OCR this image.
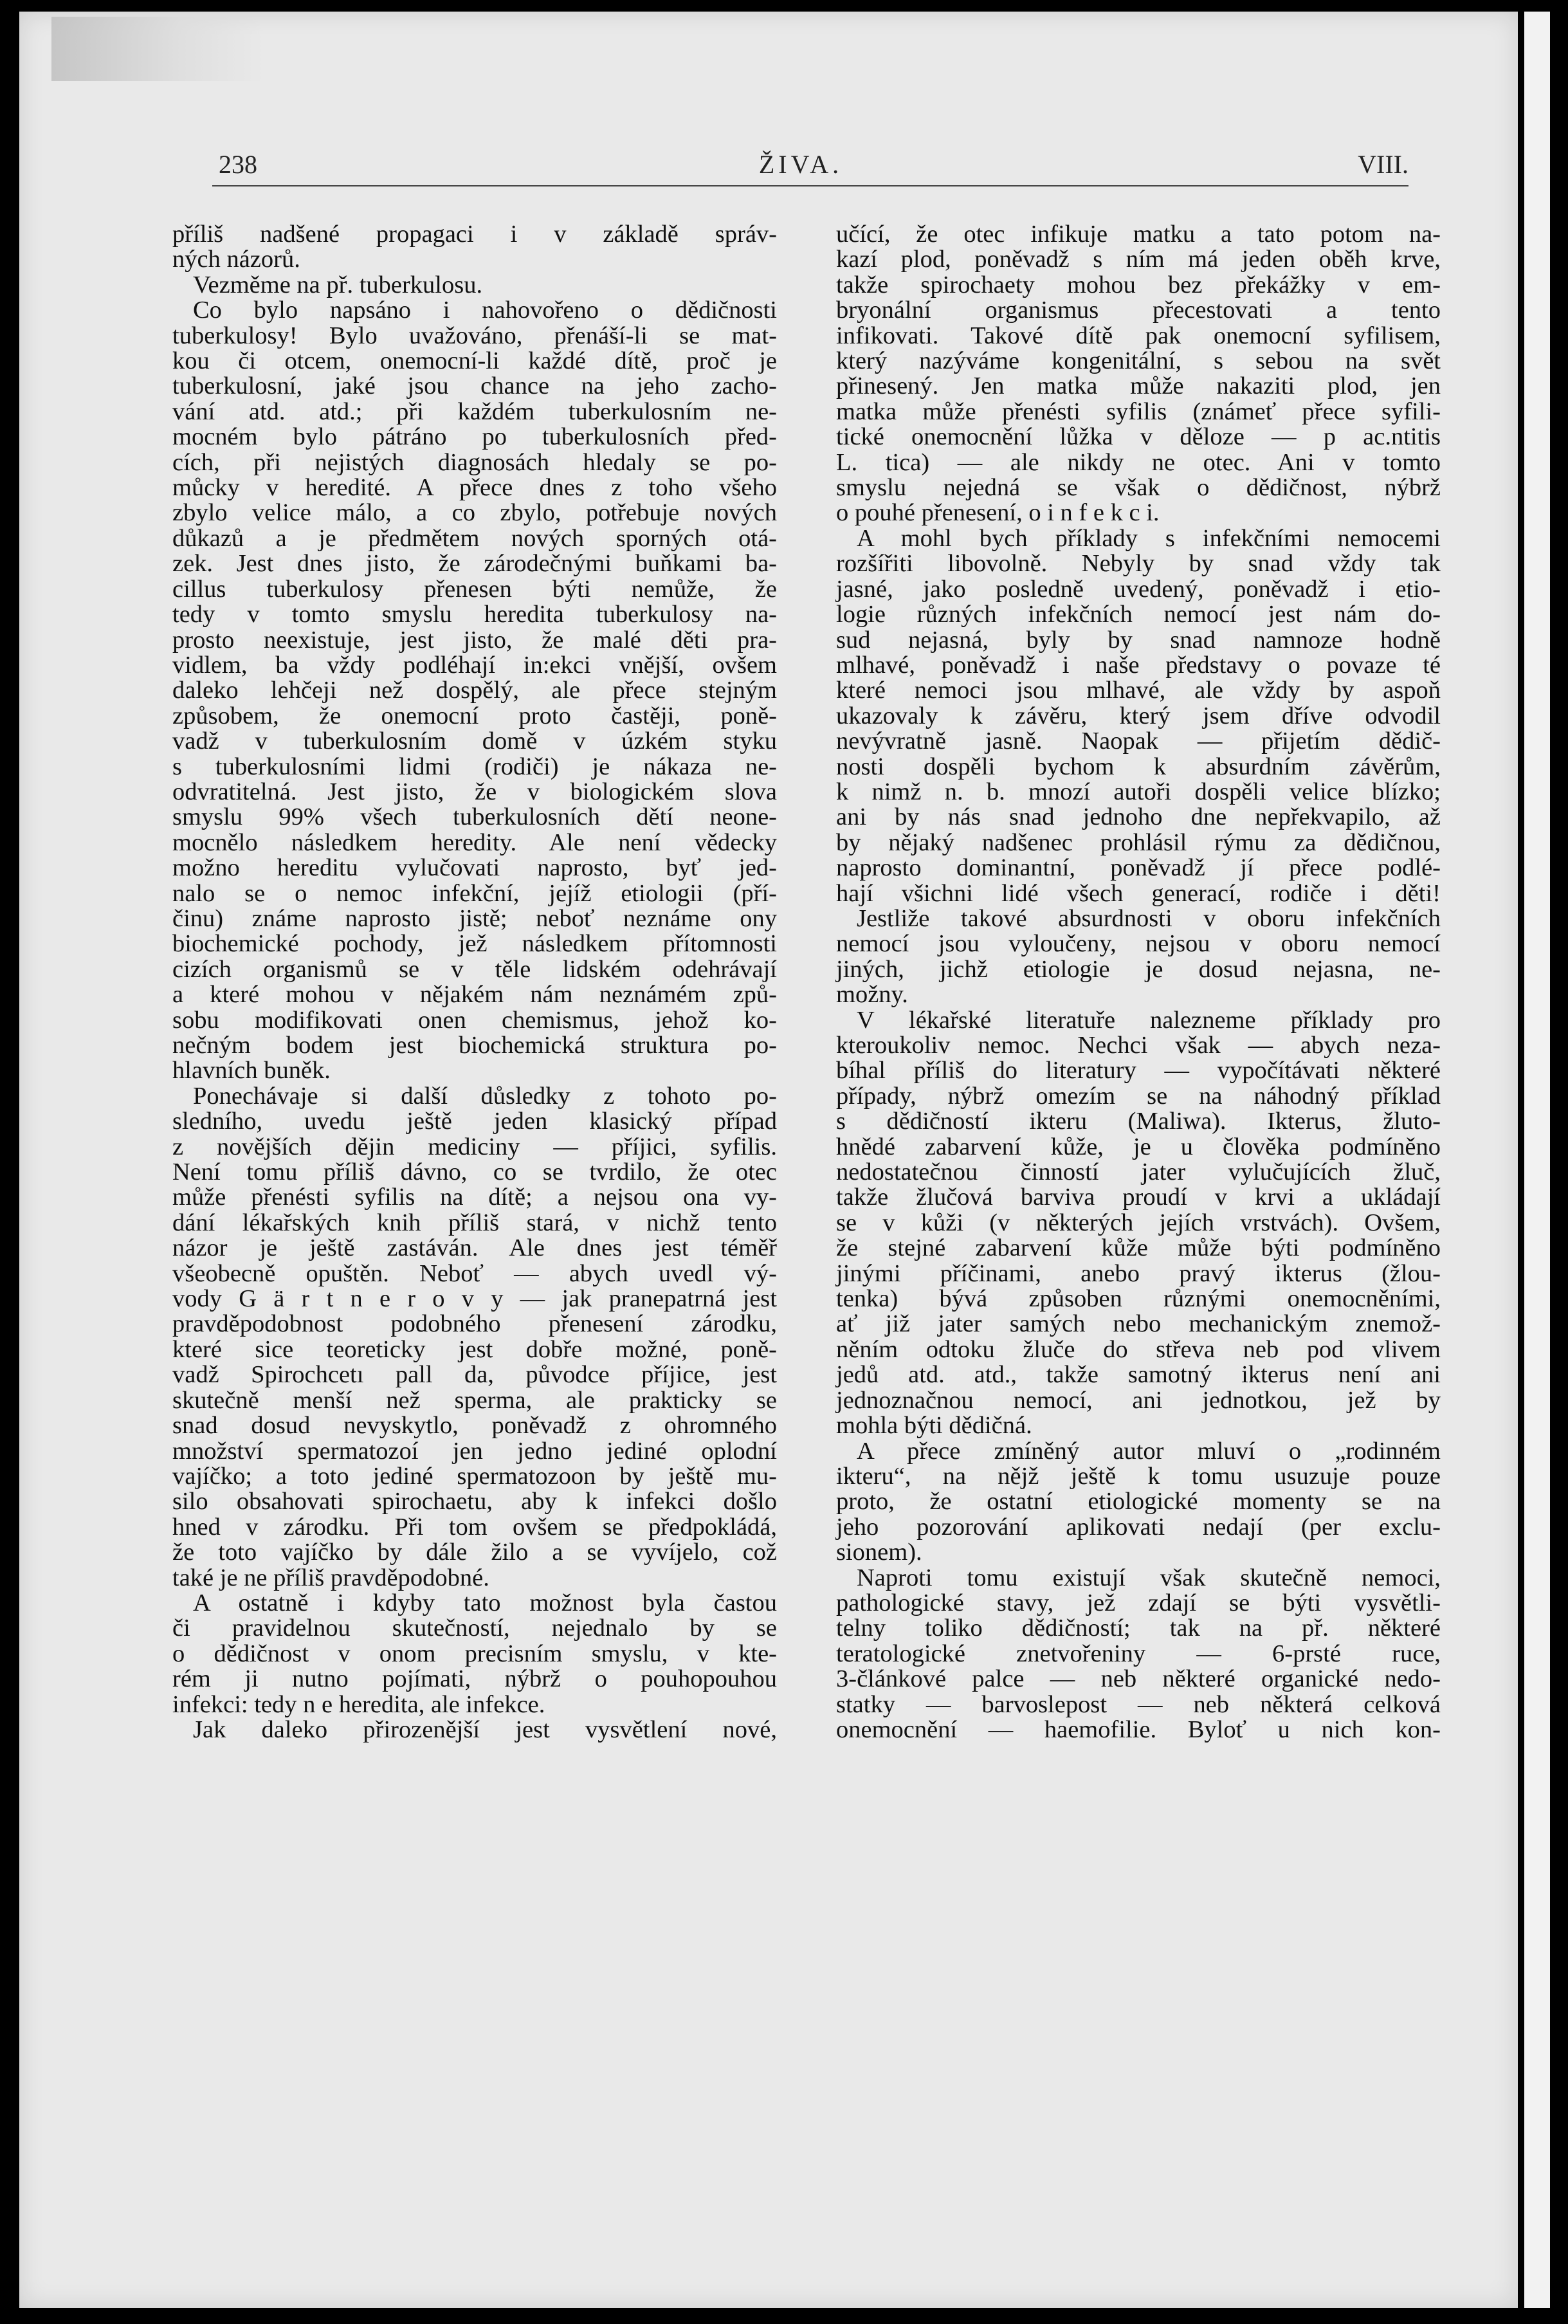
238	ŽIVA.	VIII.
příliš nadšené propagaci i v základě správ-
ných názorů.
Vezměme na př. tuberkulosu.
Co bylo napsáno i nahovořeno o dědičnosti
tuberkulosy! Bylo uvažováno, přenáší-li se mat-
kou či otcem, onemocní-li každé dítě, proč je
tuberkulosní, jaké jsou chance na jeho zacho-
vání atd. atd.; při každém tuberkulosním ne-
mocném bylo pátráno po tuberkulosních před-
cích, při nejistých diagnosách hledaly se po-
můcky v heredité. A přece dnes z toho všeho
zbylo velice málo, a co zbylo, potřebuje nových
důkazů a je předmětem nových sporných otá-
zek. Jest dnes jisto, že zárodečnými buňkami ba-
cillus tuberkulosy přenesen býti nemůže, že
tedy v tomto smyslu heredita tuberkulosy na-
prosto neexistuje, jest jisto, že malé děti pra-
vidlem, ba vždy podléhají in:ekci vnější, ovšem
daleko lehčeji než dospělý, ale přece stejným
způsobem, že onemocní proto častěji, poně-
vadž v tuberkulosním domě v úzkém styku
s tuberkulosními lidmi (rodiči) je nákaza ne-
odvratitelná. Jest jisto, že v biologickém slova
smyslu 99% všech tuberkulosních dětí neone-
mocnělo následkem heredity. Ale není vědecky
možno hereditu vylučovati naprosto, byť jed-
nalo se o nemoc infekční, jejíž etiologii (pří-
činu) známe naprosto jistě; neboť neznáme ony
biochemické pochody, jež následkem přítomnosti
cizích organismů se v těle lidském odehrávají
a které mohou v nějakém nám neznámém způ-
sobu modifikovati onen chemismus, jehož ko-
nečným bodem jest biochemická struktura po-
hlavních buněk.
Ponechávaje si další důsledky z tohoto po-
sledního, uvedu ještě jeden klasický případ
z novějších dějin mediciny — příjici, syfilis.
Není tomu příliš dávno, co se tvrdilo, že otec
může přenésti syfilis na dítě; a nejsou ona vy-
dání lékařských knih příliš stará, v nichž tento
názor je ještě zastáván. Ale dnes jest téměř
všeobecně opuštěn. Neboť — abych uvedl vý-
vody G ä r t n e r o v y — jak pranepatrná jest
pravděpodobnost podobného přenesení zárodku,
které sice teoreticky jest dobře možné, poně-
vadž Spirochcetı pall da, původce příjice, jest
skutečně menší než sperma, ale prakticky se
snad dosud nevyskytlo, poněvadž z ohromného
množství spermatozoí jen jedno jediné oplodní
vajíčko; a toto jediné spermatozoon by ještě mu-
silo obsahovati spirochaetu, aby k infekci došlo
hned v zárodku. Při tom ovšem se předpokládá,
že toto vajíčko by dále žilo a se vyvíjelo, což
také je ne příliš pravděpodobné.
A ostatně i kdyby tato možnost byla častou
či pravidelnou skutečností, nejednalo by se
o dědičnost v onom precisním smyslu, v kte-
rém ji nutno pojímati, nýbrž o pouhopouhou
infekci: tedy n e heredita, ale infekce.
Jak daleko přirozenější jest vysvětlení nové,
učící, že otec infikuje matku a tato potom na-
kazí plod, poněvadž s ním má jeden oběh krve,
takže spirochaety mohou bez překážky v em-
bryonální organismus přecestovati a tento
infikovati. Takové dítě pak onemocní syfilisem,
který nazýváme kongenitální, s sebou na svět
přinesený. Jen matka může nakaziti plod, jen
matka může přenésti syfilis (známeť přece syfili-
tické onemocnění lůžka v děloze — p ac.ntitis
L. tica) — ale nikdy ne otec. Ani v tomto
smyslu nejedná se však o dědičnost, nýbrž
o pouhé přenesení, o i n f e k c i.
A mohl bych příklady s infekčními nemocemi
rozšířiti libovolně. Nebyly by snad vždy tak
jasné, jako posledně uvedený, poněvadž i etio-
logie různých infekčních nemocí jest nám do-
sud nejasná, byly by snad namnoze hodně
mlhavé, poněvadž i naše představy o povaze té
které nemoci jsou mlhavé, ale vždy by aspoň
ukazovaly k závěru, který jsem dříve odvodil
nevývratně jasně. Naopak — přijetím dědič-
nosti dospěli bychom k absurdním závěrům,
k nimž n. b. mnozí autoři dospěli velice blízko;
ani by nás snad jednoho dne nepřekvapilo, až
by nějaký nadšenec prohlásil rýmu za dědičnou,
naprosto dominantní, poněvadž jí přece podlé-
hají všichni lidé všech generací, rodiče i děti!
Jestliže takové absurdnosti v oboru infekčních
nemocí jsou vyloučeny, nejsou v oboru nemocí
jiných, jichž etiologie je dosud nejasna, ne-
možny.
V lékařské literatuře nalezneme příklady pro
kteroukoliv nemoc. Nechci však — abych neza-
bíhal příliš do literatury — vypočítávati některé
případy, nýbrž omezím se na náhodný příklad
s dědičností ikteru (Maliwa). Ikterus, žluto-
hnědé zabarvení kůže, je u člověka podmíněno
nedostatečnou činností jater vylučujících žluč,
takže žlučová barviva proudí v krvi a ukládají
se v kůži (v některých jejích vrstvách). Ovšem,
že stejné zabarvení kůže může býti podmíněno
jinými příčinami, anebo pravý ikterus (žlou-
tenka) bývá způsoben různými onemocněními,
ať již jater samých nebo mechanickým znemož-
něním odtoku žluče do střeva neb pod vlivem
jedů atd. atd., takže samotný ikterus není ani
jednoznačnou nemocí, ani jednotkou, jež by
mohla býti dědičná.
A přece zmíněný autor mluví o „rodinném
ikteru“, na nějž ještě k tomu usuzuje pouze
proto, že ostatní etiologické momenty se na
jeho pozorování aplikovati nedají (per exclu-
sionem).
Naproti tomu existují však skutečně nemoci,
pathologické stavy, jež zdají se býti vysvětli-
telny toliko dědičností; tak na př. některé
teratologické znetvořeniny — 6-prsté ruce,
3-článkové palce — neb některé organické nedo-
statky — barvoslepost — neb některá celková
onemocnění — haemofilie. Byloť u nich kon-
